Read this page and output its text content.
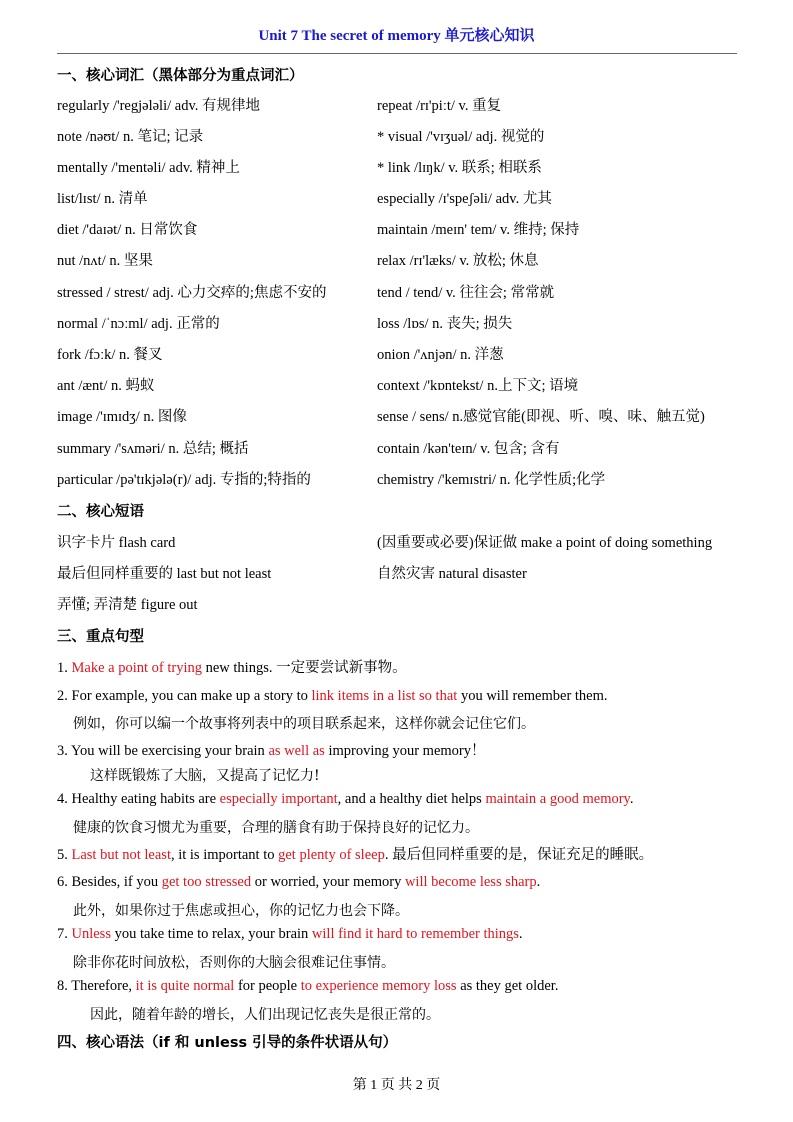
Unit 7 The secret of memory 单元核心知识
一、核心词汇（黑体部分为重点词汇）
regularly /'regjələli/ adv. 有规律地	repeat /rɪ'piːt/ v. 重复
note /nəʊt/ n. 笔记; 记录	* visual /'vɪʒuəl/ adj. 视觉的
mentally /'mentəli/ adv. 精神上	* link /lɪŋk/ v. 联系; 相联系
list/lɪst/ n. 清单	especially /ɪ'speʃəli/ adv. 尤其
diet /'daɪət/ n. 日常饮食	maintain /meɪn' tem/ v. 维持; 保持
nut /nʌt/ n. 坚果	relax /rɪ'læks/ v. 放松; 休息
stressed / strest/ adj. 心力交瘁的;焦虑不安的	tend / tend/ v. 往往会; 常常就
normal /ˈnɔːml/ adj. 正常的	loss /lɒs/ n. 丧失; 损失
fork /fɔːk/ n. 餐叉	onion /'ʌnjən/ n. 洋葱
ant /ænt/ n. 蚂蚁	context /'kɒntekst/ n.上下文; 语境
image /'ɪmɪdʒ/ n. 图像	sense / sens/ n.感觉官能(即视、听、嗅、味、触五觉)
summary /'sʌməri/ n. 总结; 概括	contain /kən'teɪn/ v. 包含; 含有
particular /pə'tɪkjələ(r)/ adj. 专指的;特指的	chemistry /'kemɪstri/ n. 化学性质;化学
二、核心短语
识字卡片 flash card	(因重要或必要)保证做 make a point of doing something
最后但同样重要的 last but not least	自然灾害 natural disaster
弄懂; 弄清楚 figure out
三、重点句型
1. Make a point of trying new things. 一定要尝试新事物。
2. For example, you can make up a story to link items in a list so that you will remember them.
例如，你可以编一个故事将列表中的项目联系起来，这样你就会记住它们。
3. You will be exercising your brain as well as improving your memory！
这样既锻炼了大脑，又提高了记忆力!
4. Healthy eating habits are especially important, and a healthy diet helps maintain a good memory.
健康的饮食习惯尤为重要，合理的膳食有助于保持良好的记忆力。
5. Last but not least, it is important to get plenty of sleep. 最后但同样重要的是，保证充足的睡眠。
6. Besides, if you get too stressed or worried, your memory will become less sharp.
此外，如果你过于焦虑或担心，你的记忆力也会下降。
7. Unless you take time to relax, your brain will find it hard to remember things.
除非你花时间放松，否则你的大脑会很难记住事情。
8. Therefore, it is quite normal for people to experience memory loss as they get older.
因此，随着年龄的增长，人们出现记忆丧失是很正常的。
四、核心语法（if 和 unless 引导的条件状语从句）
第 1 页 共 2 页
